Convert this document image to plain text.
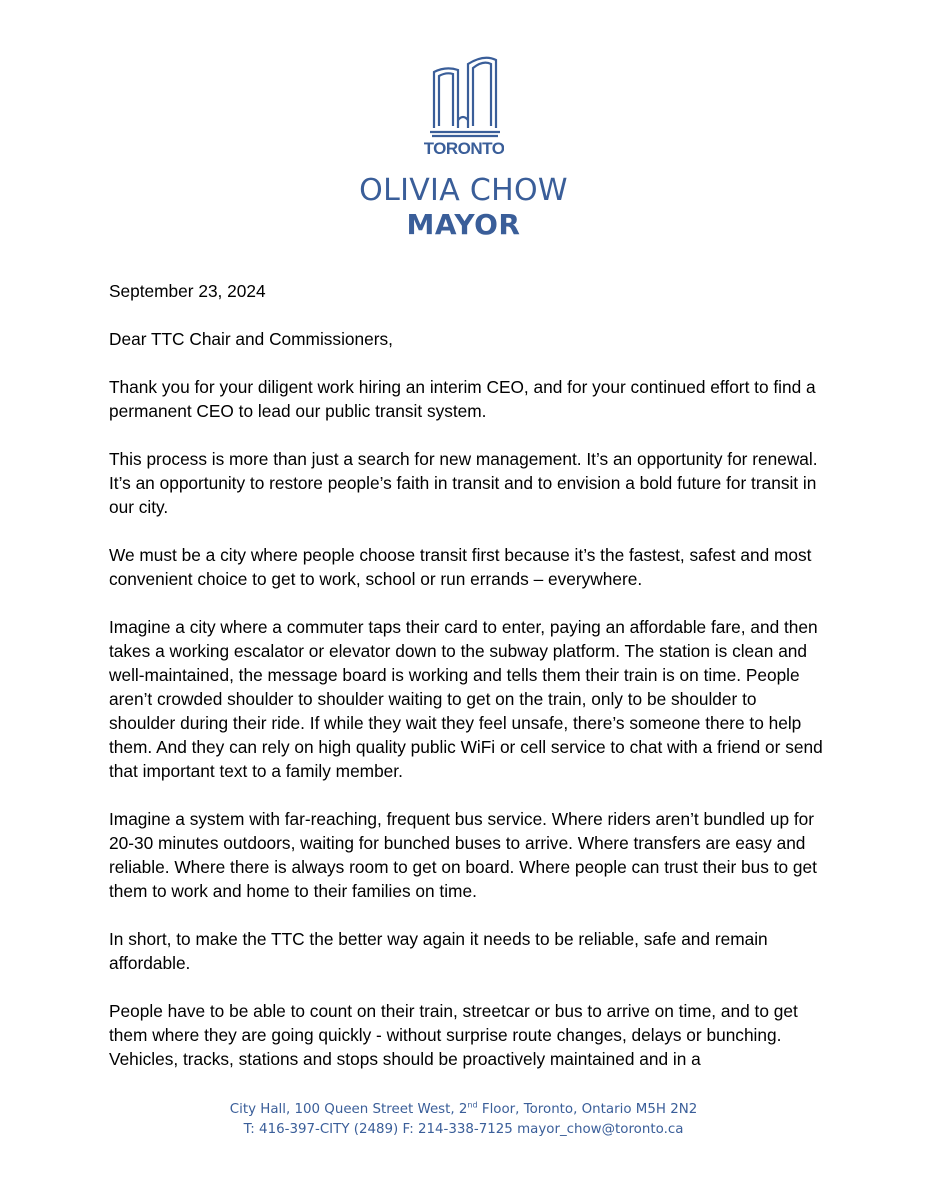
TORONTO
OLIVIA CHOW
MAYOR

September 23, 2024

Dear TTC Chair and Commissioners,

Thank you for your diligent work hiring an interim CEO, and for your continued effort to find a permanent CEO to lead our public transit system.

This process is more than just a search for new management. It’s an opportunity for renewal. It’s an opportunity to restore people’s faith in transit and to envision a bold future for transit in our city.

We must be a city where people choose transit first because it’s the fastest, safest and most convenient choice to get to work, school or run errands – everywhere.

Imagine a city where a commuter taps their card to enter, paying an affordable fare, and then takes a working escalator or elevator down to the subway platform. The station is clean and well-maintained, the message board is working and tells them their train is on time. People aren’t crowded shoulder to shoulder waiting to get on the train, only to be shoulder to shoulder during their ride. If while they wait they feel unsafe, there’s someone there to help them. And they can rely on high quality public WiFi or cell service to chat with a friend or send that important text to a family member.

Imagine a system with far-reaching, frequent bus service. Where riders aren’t bundled up for 20-30 minutes outdoors, waiting for bunched buses to arrive. Where transfers are easy and reliable. Where there is always room to get on board. Where people can trust their bus to get them to work and home to their families on time.

In short, to make the TTC the better way again it needs to be reliable, safe and remain affordable.

People have to be able to count on their train, streetcar or bus to arrive on time, and to get them where they are going quickly - without surprise route changes, delays or bunching. Vehicles, tracks, stations and stops should be proactively maintained and in a

City Hall, 100 Queen Street West, 2nd Floor, Toronto, Ontario M5H 2N2
T: 416-397-CITY (2489) F: 214-338-7125 mayor_chow@toronto.ca
